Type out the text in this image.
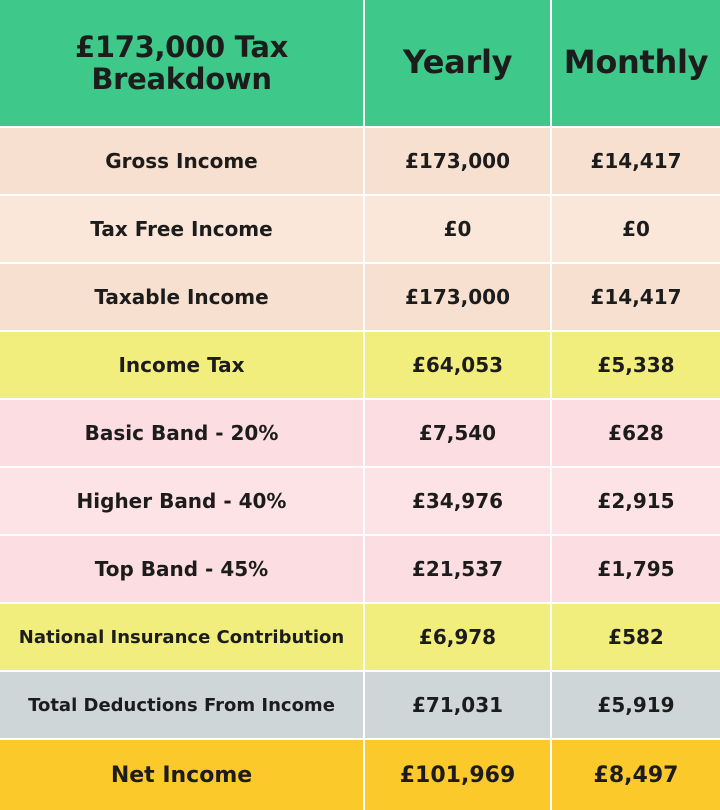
£173,000 Tax Breakdown	Yearly	Monthly
Gross Income	£173,000	£14,417
Tax Free Income	£0	£0
Taxable Income	£173,000	£14,417
Income Tax	£64,053	£5,338
Basic Band - 20%	£7,540	£628
Higher Band - 40%	£34,976	£2,915
Top Band - 45%	£21,537	£1,795
National Insurance Contribution	£6,978	£582
Total Deductions From Income	£71,031	£5,919
Net Income	£101,969	£8,497
